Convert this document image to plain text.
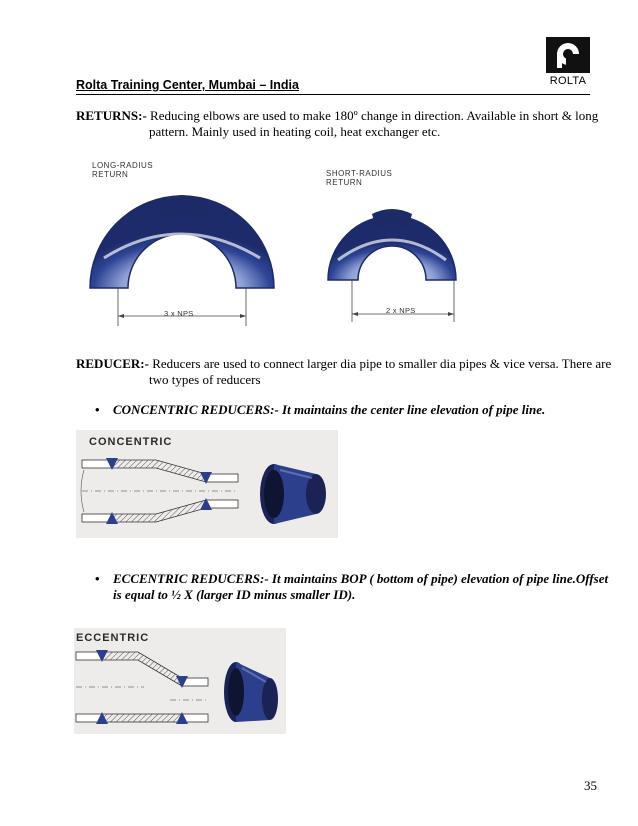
ROLTA
Rolta Training Center, Mumbai – India
RETURNS:- Reducing elbows are used to make 180º change in direction. Available in short & long
pattern. Mainly used in heating coil, heat exchanger etc.
LONG-RADIUS
RETURN	SHORT-RADIUS
RETURN
3 x NPS	2 x NPS
REDUCER:- Reducers are used to connect larger dia pipe to smaller dia pipes & vice versa. There are
two types of reducers
• CONCENTRIC REDUCERS:- It maintains the center line elevation of pipe line.
CONCENTRIC
• ECCENTRIC REDUCERS:- It maintains BOP ( bottom of pipe) elevation of pipe line.Offset
is equal to ½ X (larger ID minus smaller ID).
ECCENTRIC
35
